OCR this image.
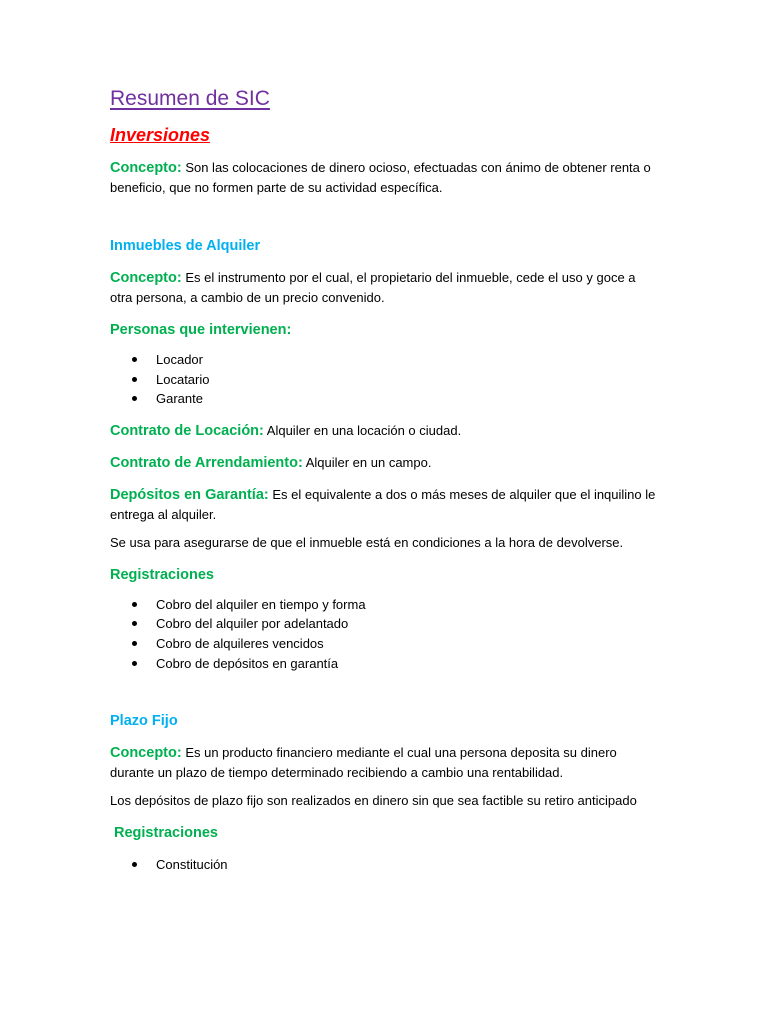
Resumen de SIC
Inversiones

Concepto: Son las colocaciones de dinero ocioso, efectuadas con ánimo de obtener renta o beneficio, que no formen parte de su actividad específica.

Inmuebles de Alquiler

Concepto: Es el instrumento por el cual, el propietario del inmueble, cede el uso y goce a otra persona, a cambio de un precio convenido.

Personas que intervienen:
Locador
Locatario
Garante

Contrato de Locación: Alquiler en una locación o ciudad.

Contrato de Arrendamiento: Alquiler en un campo.

Depósitos en Garantía: Es el equivalente a dos o más meses de alquiler que el inquilino le entrega al alquiler.

Se usa para asegurarse de que el inmueble está en condiciones a la hora de devolverse.

Registraciones
Cobro del alquiler en tiempo y forma
Cobro del alquiler por adelantado
Cobro de alquileres vencidos
Cobro de depósitos en garantía
Plazo Fijo

Concepto: Es un producto financiero mediante el cual una persona deposita su dinero durante un plazo de tiempo determinado recibiendo a cambio una rentabilidad.

Los depósitos de plazo fijo son realizados en dinero sin que sea factible su retiro anticipado

Registraciones
Constitución
